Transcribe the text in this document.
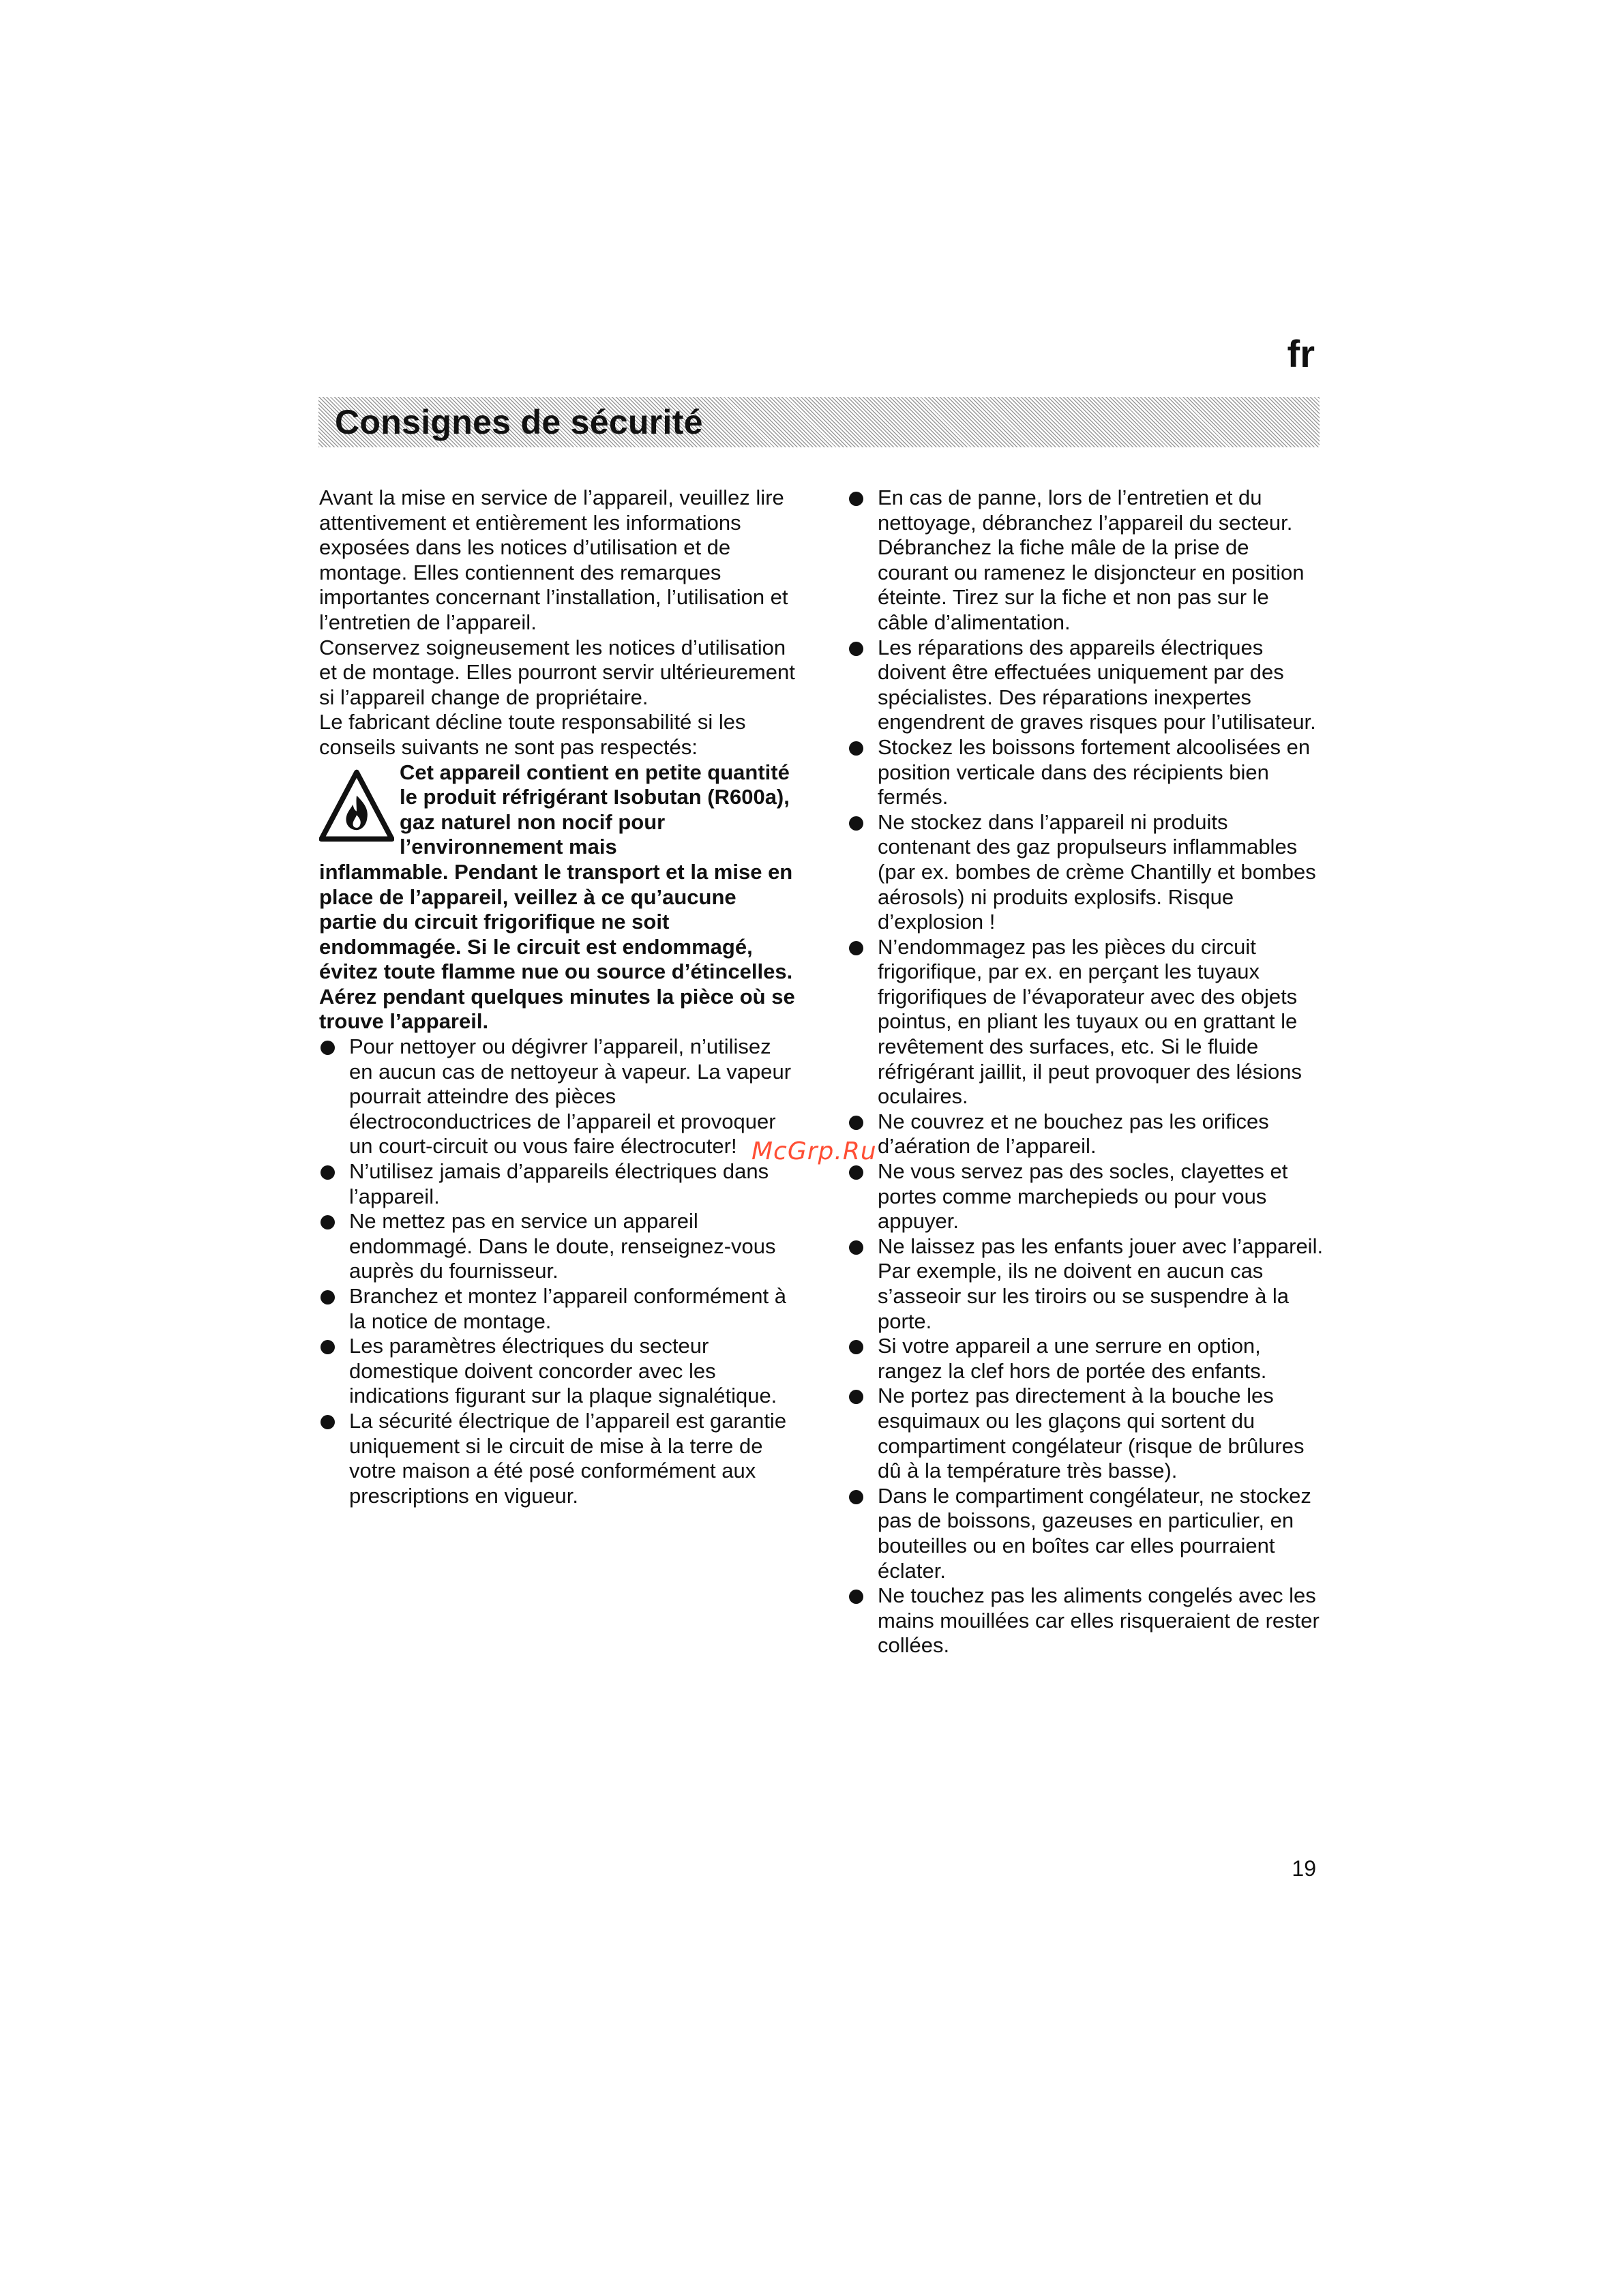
fr
Consignes de sécurité

Avant la mise en service de l’appareil, veuillez lire attentivement et entièrement les informations exposées dans les notices d’utilisation et de montage. Elles contiennent des remarques importantes concernant l’installation, l’utilisation et l’entretien de l’appareil.

Conservez soigneusement les notices d’utilisation et de montage. Elles pourront servir ultérieurement si l’appareil change de propriétaire.

Le fabricant décline toute responsabilité si les conseils suivants ne sont pas respectés:

Cet appareil contient en petite quantité le produit réfrigérant Isobutan (R600a), gaz naturel non nocif pour l’environnement mais
inflammable. Pendant le transport et la mise en place de l’appareil, veillez à ce qu’aucune partie du circuit frigorifique ne soit endommagée. Si le circuit est endommagé, évitez toute flamme nue ou source d’étincelles. Aérez pendant quelques minutes la pièce où se trouve l’appareil.
Pour nettoyer ou dégivrer l’appareil, n’utilisez en aucun cas de nettoyeur à vapeur. La vapeur pourrait atteindre des pièces électroconductrices de l’appareil et provoquer un court-circuit ou vous faire électrocuter!
N’utilisez jamais d’appareils électriques dans l’appareil.
Ne mettez pas en service un appareil endommagé. Dans le doute, renseignez-vous auprès du fournisseur.
Branchez et montez l’appareil conformément à la notice de montage.
Les paramètres électriques du secteur domestique doivent concorder avec les indications figurant sur la plaque signalétique.
La sécurité électrique de l’appareil est garantie uniquement si le circuit de mise à la terre de votre maison a été posé conformément aux prescriptions en vigueur.
En cas de panne, lors de l’entretien et du nettoyage, débranchez l’appareil du secteur. Débranchez la fiche mâle de la prise de courant ou ramenez le disjoncteur en position éteinte. Tirez sur la fiche et non pas sur le câble d’alimentation.
Les réparations des appareils électriques doivent être effectuées uniquement par des spécialistes. Des réparations inexpertes engendrent de graves risques pour l’utilisateur.
Stockez les boissons fortement alcoolisées en position verticale dans des récipients bien fermés.
Ne stockez dans l’appareil ni produits contenant des gaz propulseurs inflammables (par ex. bombes de crème Chantilly et bombes aérosols) ni produits explosifs. Risque d’explosion !
N’endommagez pas les pièces du circuit frigorifique, par ex. en perçant les tuyaux frigorifiques de l’évaporateur avec des objets pointus, en pliant les tuyaux ou en grattant le revêtement des surfaces, etc. Si le fluide réfrigérant jaillit, il peut provoquer des lésions oculaires.
Ne couvrez et ne bouchez pas les orifices d’aération de l’appareil.
Ne vous servez pas des socles, clayettes et portes comme marchepieds ou pour vous appuyer.
Ne laissez pas les enfants jouer avec l’appareil. Par exemple, ils ne doivent en aucun cas s’asseoir sur les tiroirs ou se suspendre à la porte.
Si votre appareil a une serrure en option, rangez la clef hors de portée des enfants.
Ne portez pas directement à la bouche les esquimaux ou les glaçons qui sortent du compartiment congélateur (risque de brûlures dû à la température très basse).
Dans le compartiment congélateur, ne stockez pas de boissons, gazeuses en particulier, en bouteilles ou en boîtes car elles pourraient éclater.
Ne touchez pas les aliments congelés avec les mains mouillées car elles risqueraient de rester collées.
McGrp.Ru
19
